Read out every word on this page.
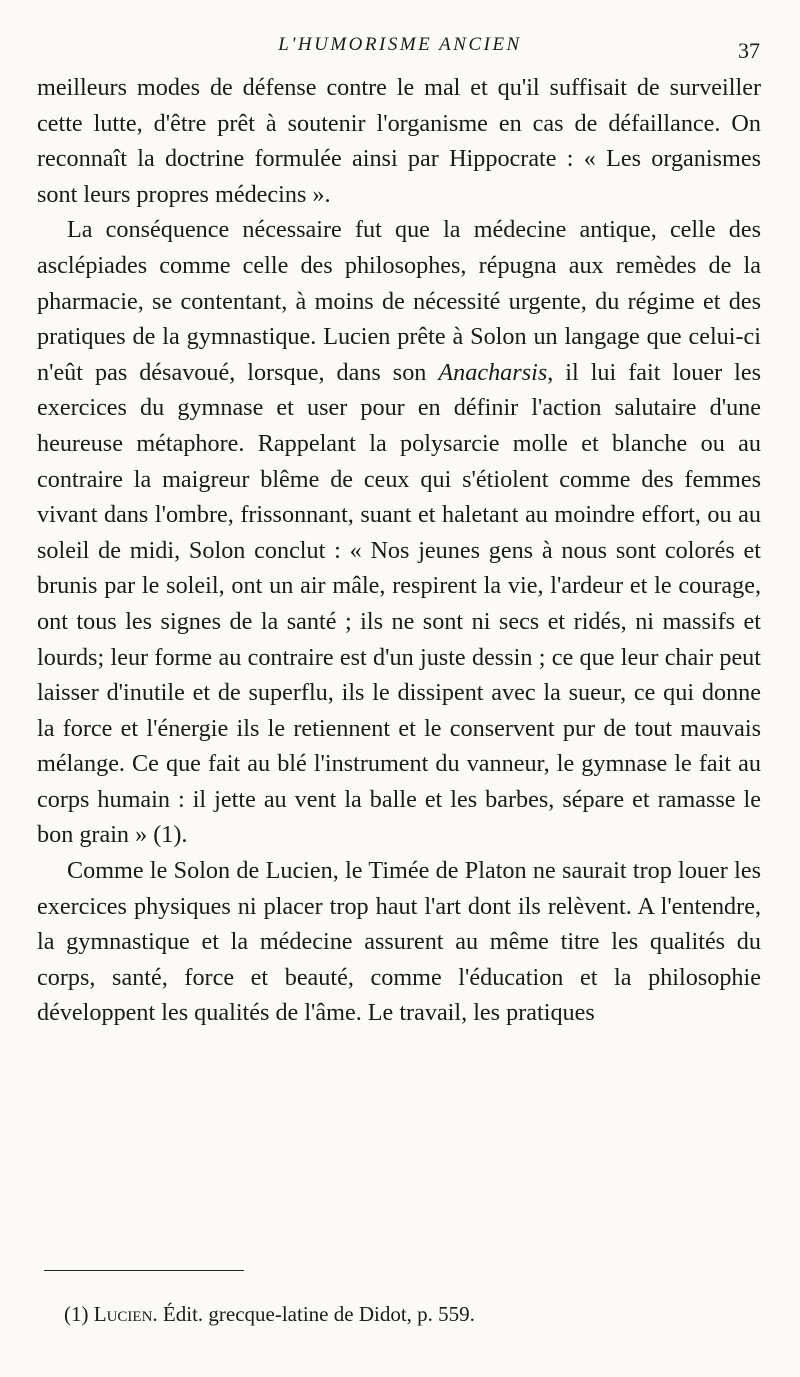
L'HUMORISME ANCIEN	37

meilleurs modes de défense contre le mal et qu'il suffisait de surveiller cette lutte, d'être prêt à soutenir l'organisme en cas de défaillance. On reconnaît la doctrine formulée ainsi par Hippocrate : « Les organismes sont leurs propres médecins ».

La conséquence nécessaire fut que la médecine antique, celle des asclépiades comme celle des philosophes, répugna aux remèdes de la pharmacie, se contentant, à moins de nécessité urgente, du régime et des pratiques de la gymnastique. Lucien prête à Solon un langage que celui-ci n'eût pas désavoué, lorsque, dans son Anacharsis, il lui fait louer les exercices du gymnase et user pour en définir l'action salutaire d'une heureuse métaphore. Rappelant la polysarcie molle et blanche ou au contraire la maigreur blême de ceux qui s'étiolent comme des femmes vivant dans l'ombre, frissonnant, suant et haletant au moindre effort, ou au soleil de midi, Solon conclut : « Nos jeunes gens à nous sont colorés et brunis par le soleil, ont un air mâle, respirent la vie, l'ardeur et le courage, ont tous les signes de la santé ; ils ne sont ni secs et ridés, ni massifs et lourds; leur forme au contraire est d'un juste dessin ; ce que leur chair peut laisser d'inutile et de superflu, ils le dissipent avec la sueur, ce qui donne la force et l'énergie ils le retiennent et le conservent pur de tout mauvais mélange. Ce que fait au blé l'instrument du vanneur, le gymnase le fait au corps humain : il jette au vent la balle et les barbes, sépare et ramasse le bon grain » (1).

Comme le Solon de Lucien, le Timée de Platon ne saurait trop louer les exercices physiques ni placer trop haut l'art dont ils relèvent. A l'entendre, la gymnastique et la médecine assurent au même titre les qualités du corps, santé, force et beauté, comme l'éducation et la philosophie développent les qualités de l'âme. Le travail, les pratiques

(1) Lucien. Édit. grecque-latine de Didot, p. 559.
